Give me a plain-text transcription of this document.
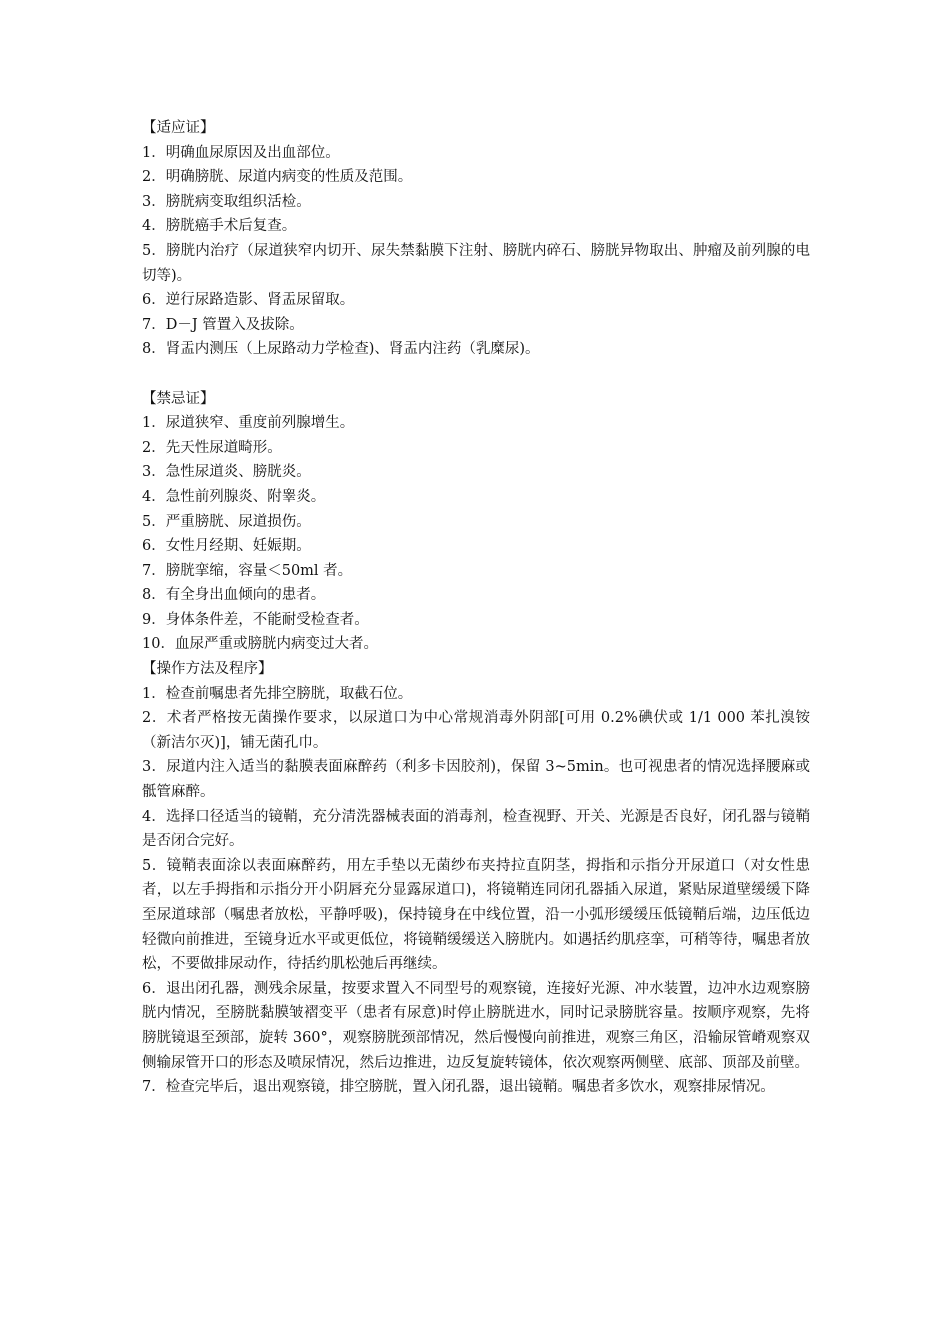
【适应证】
1．明确血尿原因及出血部位。
2．明确膀胱、尿道内病变的性质及范围。
3．膀胱病变取组织活检。
4．膀胱癌手术后复查。
5．膀胱内治疗（尿道狭窄内切开、尿失禁黏膜下注射、膀胱内碎石、膀胱异物取出、肿瘤及前列腺的电切等)。
6．逆行尿路造影、肾盂尿留取。
7．D－J 管置入及拔除。
8．肾盂内测压（上尿路动力学检查)、肾盂内注药（乳糜尿)。
【禁忌证】
1．尿道狭窄、重度前列腺增生。
2．先天性尿道畸形。
3．急性尿道炎、膀胱炎。
4．急性前列腺炎、附睾炎。
5．严重膀胱、尿道损伤。
6．女性月经期、妊娠期。
7．膀胱挛缩，容量＜50ml 者。
8．有全身出血倾向的患者。
9．身体条件差，不能耐受检查者。
10．血尿严重或膀胱内病变过大者。
【操作方法及程序】
1．检查前嘱患者先排空膀胱，取截石位。
2．术者严格按无菌操作要求，以尿道口为中心常规消毒外阴部[可用 0.2%碘伏或 1/1 000 苯扎溴铵（新洁尔灭)]，铺无菌孔巾。
3．尿道内注入适当的黏膜表面麻醉药（利多卡因胶剂)，保留 3~5min。也可视患者的情况选择腰麻或骶管麻醉。
4．选择口径适当的镜鞘，充分清洗器械表面的消毒剂，检查视野、开关、光源是否良好，闭孔器与镜鞘是否闭合完好。
5．镜鞘表面涂以表面麻醉药，用左手垫以无菌纱布夹持拉直阴茎，拇指和示指分开尿道口（对女性患者，以左手拇指和示指分开小阴唇充分显露尿道口)，将镜鞘连同闭孔器插入尿道，紧贴尿道壁缓缓下降至尿道球部（嘱患者放松，平静呼吸)，保持镜身在中线位置，沿一小弧形缓缓压低镜鞘后端，边压低边轻微向前推进，至镜身近水平或更低位，将镜鞘缓缓送入膀胱内。如遇括约肌痉挛，可稍等待，嘱患者放松，不要做排尿动作，待括约肌松弛后再继续。
6．退出闭孔器，测残余尿量，按要求置入不同型号的观察镜，连接好光源、冲水装置，边冲水边观察膀胱内情况，至膀胱黏膜皱褶变平（患者有尿意)时停止膀胱进水，同时记录膀胱容量。按顺序观察，先将膀胱镜退至颈部，旋转 360°，观察膀胱颈部情况，然后慢慢向前推进，观察三角区，沿输尿管嵴观察双侧输尿管开口的形态及喷尿情况，然后边推进，边反复旋转镜体，依次观察两侧壁、底部、顶部及前壁。
7．检查完毕后，退出观察镜，排空膀胱，置入闭孔器，退出镜鞘。嘱患者多饮水，观察排尿情况。
